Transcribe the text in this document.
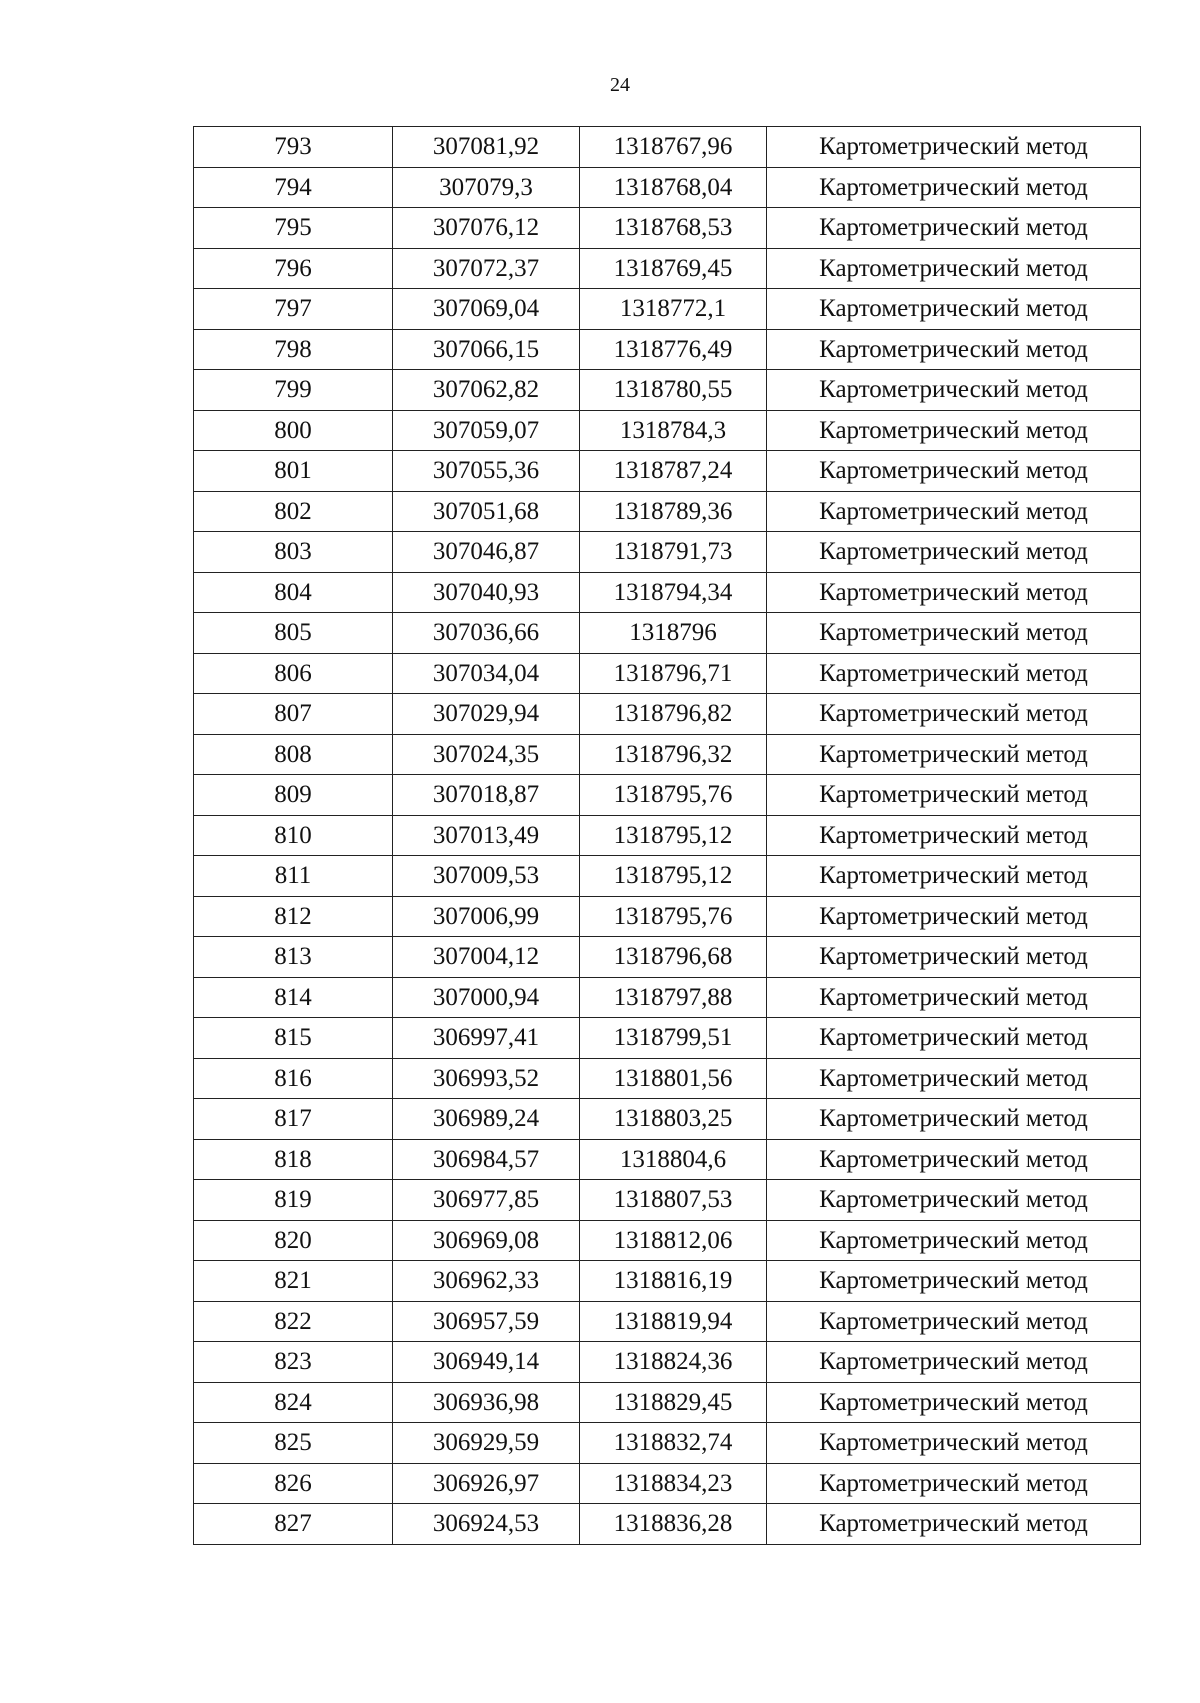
24
793	307081,92	1318767,96	Картометрический метод
794	307079,3	1318768,04	Картометрический метод
795	307076,12	1318768,53	Картометрический метод
796	307072,37	1318769,45	Картометрический метод
797	307069,04	1318772,1	Картометрический метод
798	307066,15	1318776,49	Картометрический метод
799	307062,82	1318780,55	Картометрический метод
800	307059,07	1318784,3	Картометрический метод
801	307055,36	1318787,24	Картометрический метод
802	307051,68	1318789,36	Картометрический метод
803	307046,87	1318791,73	Картометрический метод
804	307040,93	1318794,34	Картометрический метод
805	307036,66	1318796	Картометрический метод
806	307034,04	1318796,71	Картометрический метод
807	307029,94	1318796,82	Картометрический метод
808	307024,35	1318796,32	Картометрический метод
809	307018,87	1318795,76	Картометрический метод
810	307013,49	1318795,12	Картометрический метод
811	307009,53	1318795,12	Картометрический метод
812	307006,99	1318795,76	Картометрический метод
813	307004,12	1318796,68	Картометрический метод
814	307000,94	1318797,88	Картометрический метод
815	306997,41	1318799,51	Картометрический метод
816	306993,52	1318801,56	Картометрический метод
817	306989,24	1318803,25	Картометрический метод
818	306984,57	1318804,6	Картометрический метод
819	306977,85	1318807,53	Картометрический метод
820	306969,08	1318812,06	Картометрический метод
821	306962,33	1318816,19	Картометрический метод
822	306957,59	1318819,94	Картометрический метод
823	306949,14	1318824,36	Картометрический метод
824	306936,98	1318829,45	Картометрический метод
825	306929,59	1318832,74	Картометрический метод
826	306926,97	1318834,23	Картометрический метод
827	306924,53	1318836,28	Картометрический метод
